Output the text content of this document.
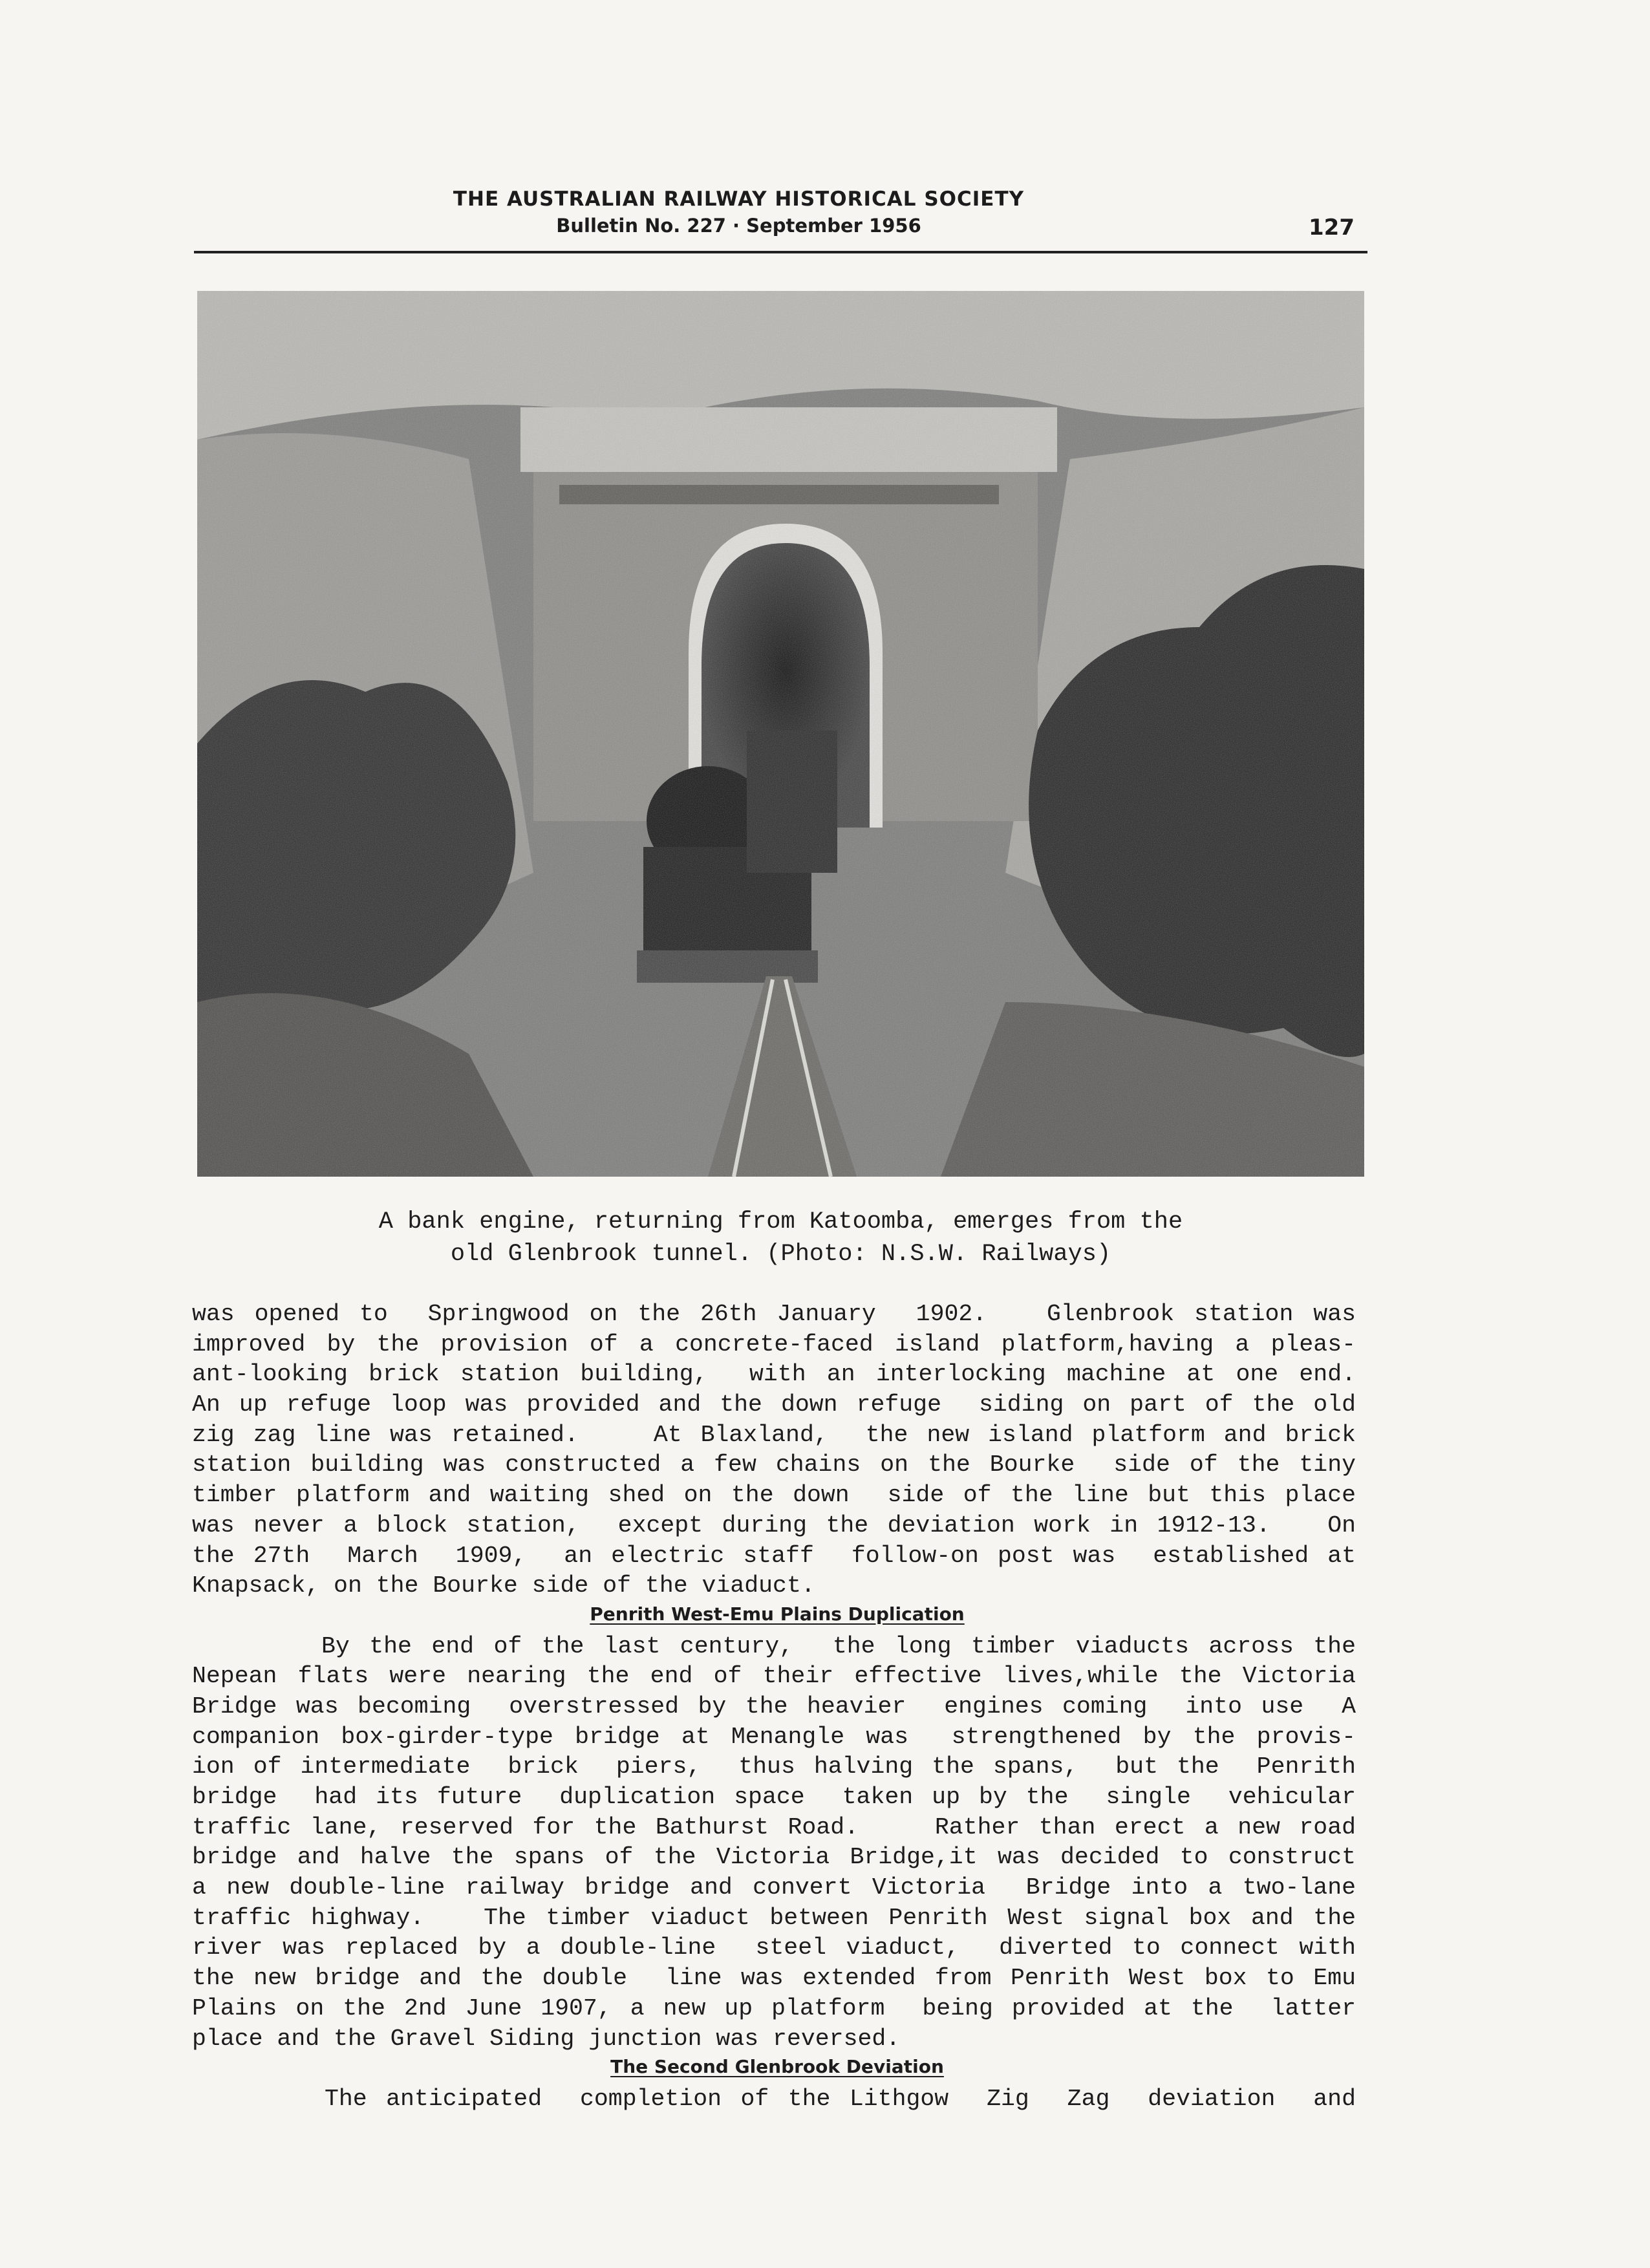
THE AUSTRALIAN RAILWAY HISTORICAL SOCIETY
Bulletin No. 227 · September 1956	127
A bank engine, returning from Katoomba, emerges from the
old Glenbrook tunnel. (Photo: N.S.W. Railways)
was opened to  Springwood on the 26th January  1902.   Glenbrook station was
improved by the provision of a concrete-faced island platform,having a pleas-
ant-looking brick station building,  with an interlocking machine at one end.
An up refuge loop was provided and the down refuge  siding on part of the old
zig zag line was retained.    At Blaxland,  the new island platform and brick
station building was constructed a few chains on the Bourke  side of the tiny
timber platform and waiting shed on the down  side of the line but this place
was never a block station,  except during the deviation work in 1912-13.   On
the 27th  March  1909,  an electric staff  follow-on post was  established at
Knapsack, on the Bourke side of the viaduct.
Penrith West-Emu Plains Duplication
By the end of the last century,  the long timber viaducts across the
Nepean flats were nearing the end of their effective lives,while the Victoria
Bridge was becoming  overstressed by the heavier  engines coming  into use  A
companion box-girder-type bridge at Menangle was  strengthened by the provis-
ion of intermediate  brick  piers,  thus halving the spans,  but the  Penrith
bridge  had its future  duplication space  taken up by the  single  vehicular
traffic lane, reserved for the Bathurst Road.    Rather than erect a new road
bridge and halve the spans of the Victoria Bridge,it was decided to construct
a new double-line railway bridge and convert Victoria  Bridge into a two-lane
traffic highway.   The timber viaduct between Penrith West signal box and the
river was replaced by a double-line  steel viaduct,  diverted to connect with
the new bridge and the double  line was extended from Penrith West box to Emu
Plains on the 2nd June 1907, a new up platform  being provided at the  latter
place and the Gravel Siding junction was reversed.
The Second Glenbrook Deviation
The anticipated  completion of the Lithgow  Zig  Zag  deviation  and
